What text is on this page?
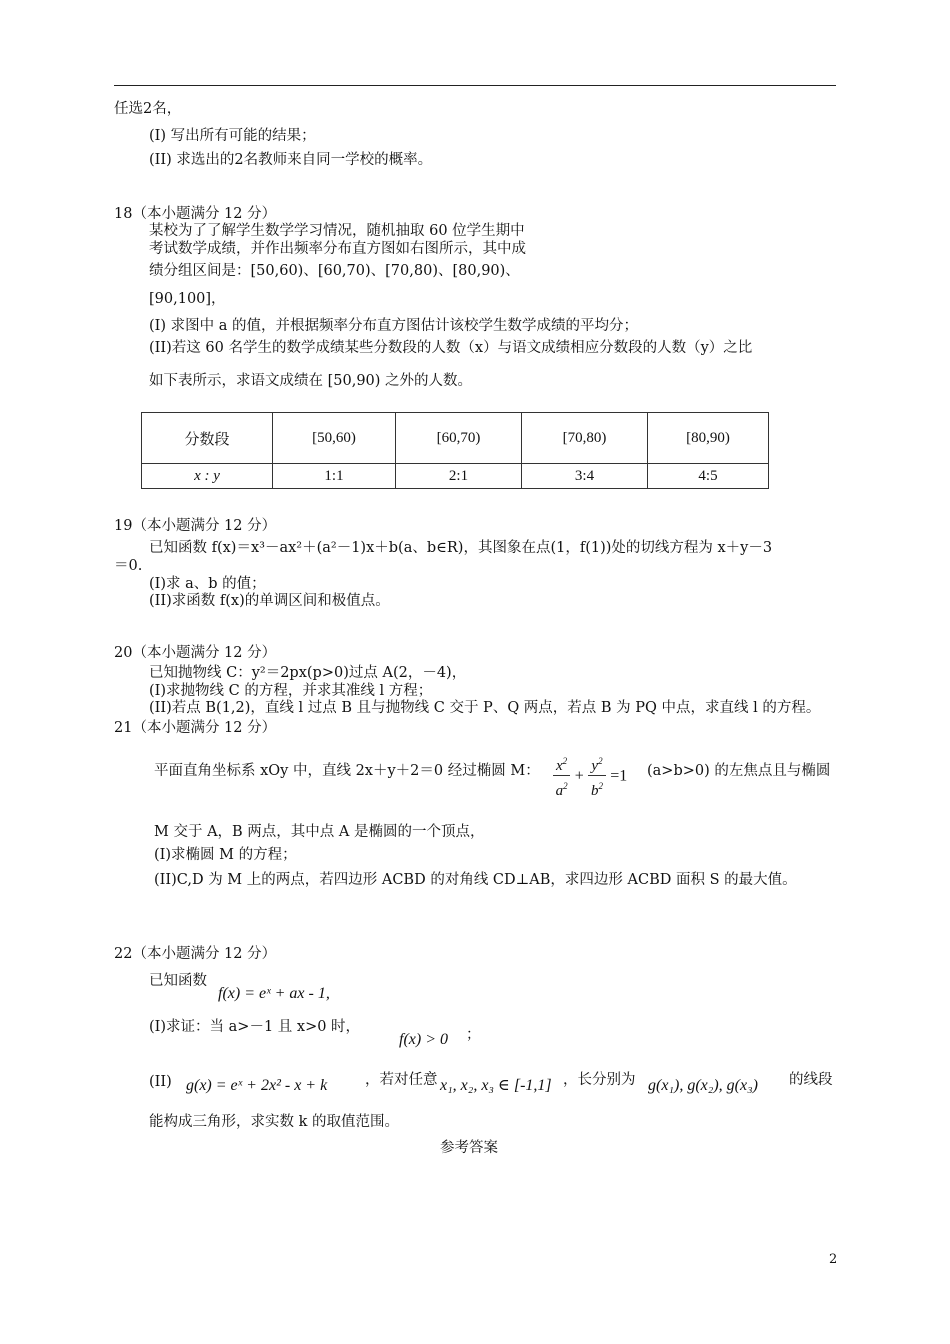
任选2名，
(I) 写出所有可能的结果；
(II) 求选出的2名教师来自同一学校的概率。
18（本小题满分 12 分）
某校为了了解学生数学学习情况，随机抽取 60 位学生期中
考试数学成绩，并作出频率分布直方图如右图所示，其中成
绩分组区间是：[50,60)、[60,70)、[70,80)、[80,90)、
[90,100]，
(I) 求图中 a 的值，并根据频率分布直方图估计该校学生数学成绩的平均分；
(II)若这 60 名学生的数学成绩某些分数段的人数（x）与语文成绩相应分数段的人数（y）之比
如下表所示，求语文成绩在 [50,90) 之外的人数。
分数段	[50,60)	[60,70)	[70,80)	[80,90)
x : y	1:1	2:1	3:4	4:5
19（本小题满分 12 分）
已知函数 f(x)＝x³－ax²＋(a²－1)x＋b(a、b∈R)，其图象在点(1，f(1))处的切线方程为 x＋y－3
＝0.
(Ⅰ)求 a、b 的值；
(II)求函数 f(x)的单调区间和极值点。
20（本小题满分 12 分）
已知抛物线 C：y²＝2px(p>0)过点 A(2，－4)，
(I)求抛物线 C 的方程，并求其准线 l 方程；
(II)若点 B(1,2)，直线 l 过点 B 且与抛物线 C 交于 P、Q 两点，若点 B 为 PQ 中点，求直线 l 的方程。
21（本小题满分 12 分）
平面直角坐标系 xOy 中，直线 2x＋y＋2＝0 经过椭圆 M： $\frac{x^2}{a^2} + \frac{y^2}{b^2} =1$ (a>b>0) 的左焦点且与椭圆
M 交于 A，B 两点，其中点 A 是椭圆的一个顶点，
(Ⅰ)求椭圆 M 的方程；
(II)C,D 为 M 上的两点，若四边形 ACBD 的对角线 CD⊥AB，求四边形 ACBD 面积 S 的最大值。
22（本小题满分 12 分）
已知函数
f(x) = eˣ + ax - 1,
(I)求证：当 a>－1 且 x>0 时，
f(x) > 0 ；
(II) g(x) = eˣ + 2x² - x + k	，若对任意 x₁, x₂, x₃ ∈ [-1,1] ，长分别为 g(x₁), g(x₂), g(x₃) 的线段
能构成三角形，求实数 k 的取值范围。
参考答案
2
